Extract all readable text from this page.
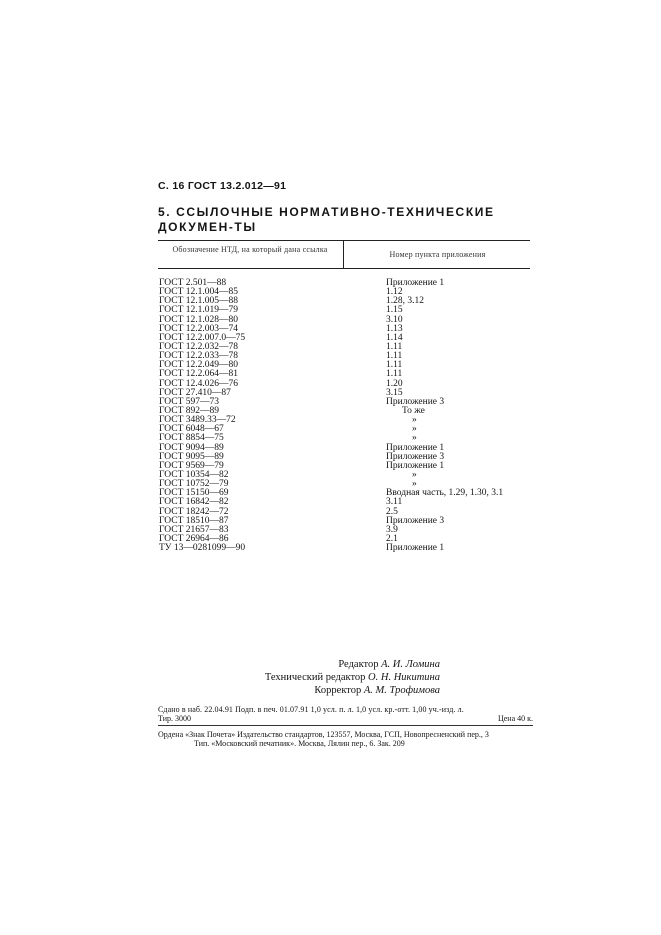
С. 16 ГОСТ 13.2.012—91
5. ССЫЛОЧНЫЕ НОРМАТИВНО-ТЕХНИЧЕСКИЕ ДОКУМЕН-ТЫ
Обозначение НТД, на который дана ссылка
Номер пункта приложения
ГОСТ 2.501—88
ГОСТ 12.1.004—85
ГОСТ 12.1.005—88
ГОСТ 12.1.019—79
ГОСТ 12.1.028—80
ГОСТ 12.2.003—74
ГОСТ 12.2.007.0—75
ГОСТ 12.2.032—78
ГОСТ 12.2.033—78
ГОСТ 12.2.049—80
ГОСТ 12.2.064—81
ГОСТ 12.4.026—76
ГОСТ 27.410—87
ГОСТ 597—73
ГОСТ 892—89
ГОСТ 3489.33—72
ГОСТ 6048—67
ГОСТ 8854—75
ГОСТ 9094—89
ГОСТ 9095—89
ГОСТ 9569—79
ГОСТ 10354—82
ГОСТ 10752—79
ГОСТ 15150—69
ГОСТ 16842—82
ГОСТ 18242—72
ГОСТ 18510—87
ГОСТ 21657—83
ГОСТ 26964—86
ТУ 13—0281099—90
Приложение 1
1.12
1.28, 3.12
1.15
3.10
1.13
1.14
1.11
1.11
1.11
1.11
1.20
3.15
Приложение 3
То же
»
»
»
Приложение 1
Приложение 3
Приложение 1
»
»
Вводная часть, 1.29, 1.30, 3.1
3.11
2.5
Приложение 3
3.9
2.1
Приложение 1
Редактор А. И. Ломина
Технический редактор О. Н. Никитина
Корректор А. М. Трофимова
Сдано в наб. 22.04.91 Подп. в печ. 01.07.91 1,0 усл. п. л. 1,0 усл. кр.-отт. 1,00 уч.-изд. л.
Тир. 3000	Цена 40 к.
Ордена «Знак Почета» Издательство стандартов, 123557, Москва, ГСП, Новопресненский пер., 3
Тип. «Московский печатник». Москва, Лялин пер., 6. Зак. 209
